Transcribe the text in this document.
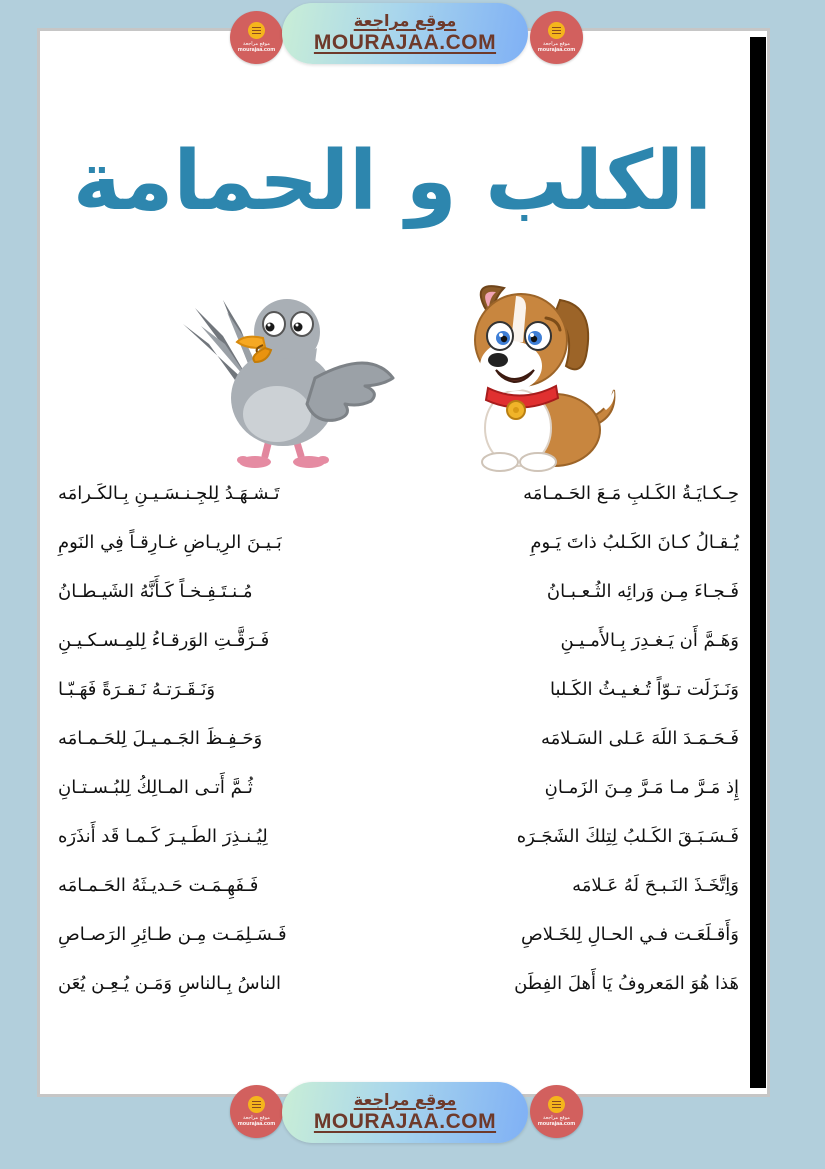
الكلب و الحمامة
حِـكـايَـةُ الكَـلبِ مَـعَ الحَـمـامَه
تَـشـهَـدُ لِلجِـنـسَـيـنِ بِـالكَـرامَه
يُـقـالُ كـانَ الكَـلبُ ذاتَ يَـومِ
بَـيـنَ الرِيـاضِ غـارِقـاً فِي النَومِ
فَـجـاءَ مِـن وَرائِه الثُـعـبـانُ
مُـنـتَـفِـخـاً كَـأَنَّهُ الشَيـطـانُ
وَهَـمَّ أَن يَـغـدِرَ بِـالأَمـيـنِ
فَـرَقَّـتِ الوَرقـاءُ لِلمِـسـكـيـنِ
وَنَـزَلَت تـوّاً تُـغـيـثُ الكَـلبا
وَنَـقَـرَتـهُ نَـقـرَةً فَهَـبّـا
فَـحَـمَـدَ اللَهَ عَـلى السَـلامَه
وَحَـفِـظَ الجَـمـيـلَ لِلحَـمـامَه
إِذ مَـرَّ مـا مَـرَّ مِـنَ الزَمـانِ
ثُـمَّ أَتـى المـالِكُ لِلبُـسـتـانِ
فَـسَـبَـقَ الكَـلبُ لِتِلكَ الشَجَـرَه
لِيُـنـذِرَ الطَـيـرَ كَـمـا قَد أَنذَرَه
وَاِتَّخَـذَ النَـبـحَ لَهُ عَـلامَه
فَـفَهِـمَـت حَـديـثَهُ الحَـمـامَه
وَأَقـلَعَـت فـي الحـالِ لِلخَـلاصِ
فَـسَـلِمَـت مِـن طـائِرِ الرَصـاصِ
هَذا هُوَ المَعروفُ يَا أَهلَ الفِطَن
الناسُ بِـالناسِ وَمَـن يُـعِـن يُعَن
موقع مراجعة
mourajaa.com
موقع مراجعة
MOURAJAA.COM	موقع مراجعة
mourajaa.com
موقع مراجعة
mourajaa.com
موقع مراجعة
MOURAJAA.COM	موقع مراجعة
mourajaa.com
